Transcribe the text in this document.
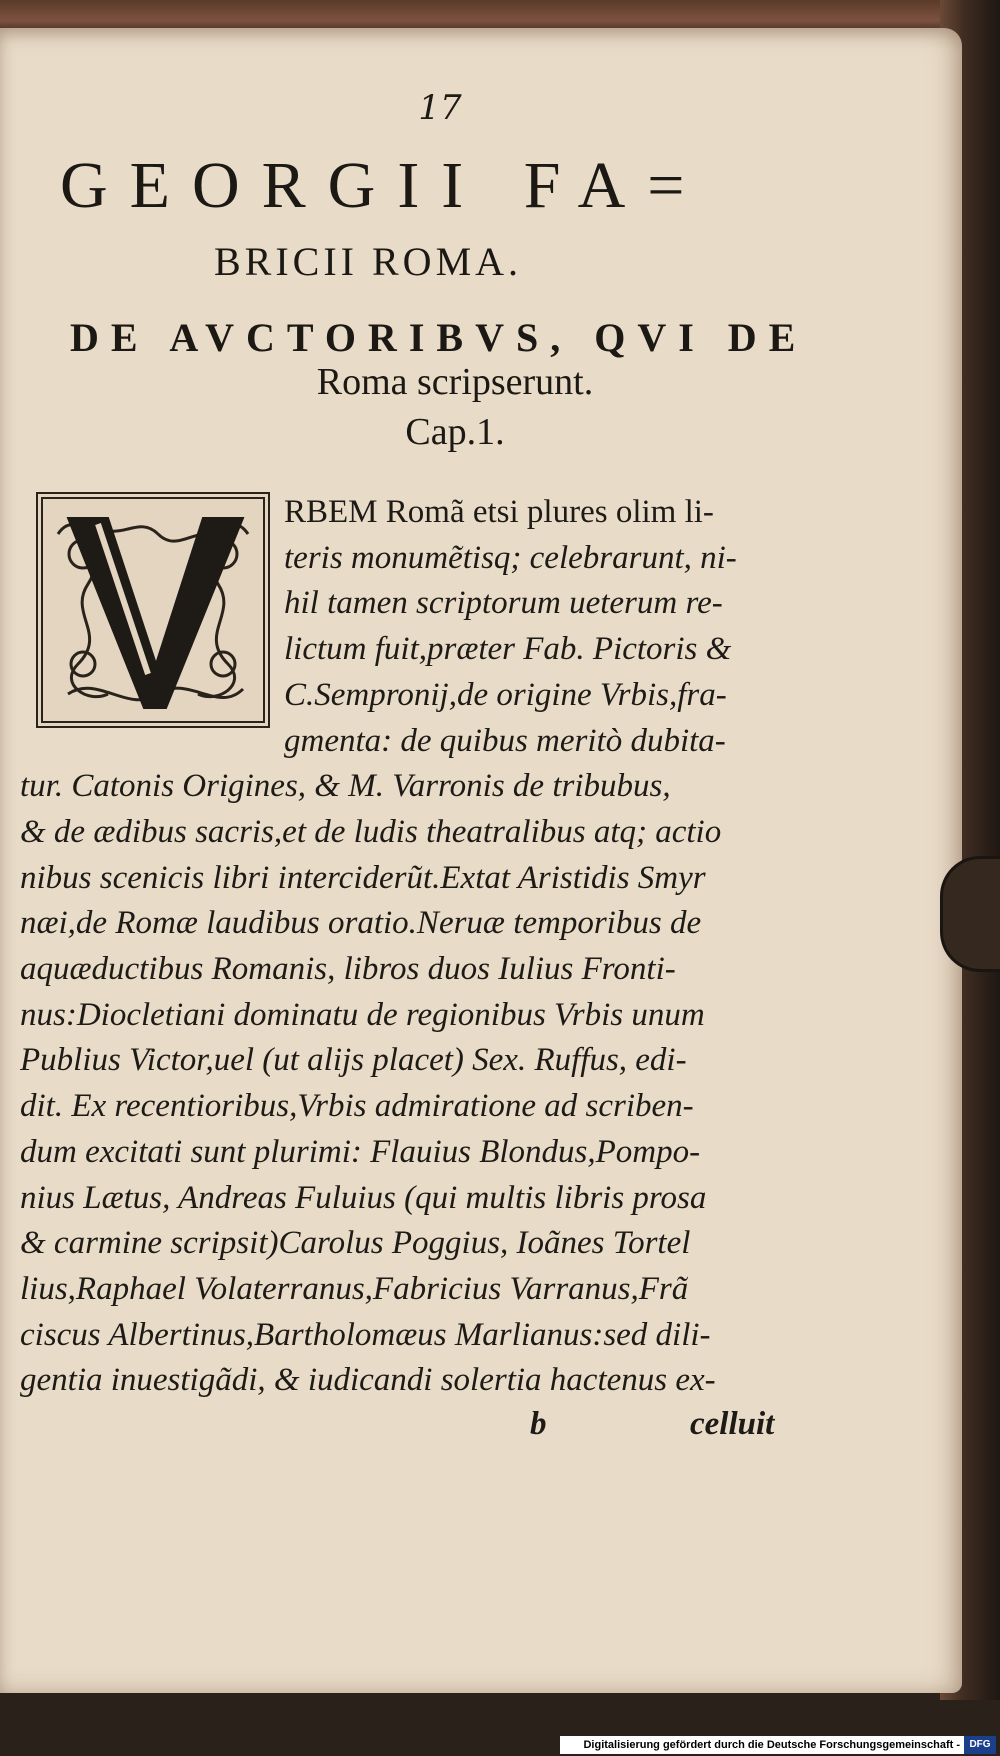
17
GEORGII FA=
BRICII ROMA.
DE AVCTORIBVS, QVI DE
Roma scripserunt.
Cap.1.
RBEM Romã etsi plures olim li-
teris monumẽtisq; celebrarunt, ni-
hil tamen scriptorum ueterum re-
lictum fuit,præter Fab. Pictoris &
C.Sempronij,de origine Vrbis,fra-
gmenta: de quibus meritò dubita-
tur. Catonis Origines, & M. Varronis de tribubus,
& de ædibus sacris,et de ludis theatralibus atq; actio
nibus scenicis libri interciderũt.Extat Aristidis Smyr
næi,de Romæ laudibus oratio.Neruæ temporibus de
aquæductibus Romanis, libros duos Iulius Fronti-
nus:Diocletiani dominatu de regionibus Vrbis unum
Publius Victor,uel (ut alijs placet) Sex. Ruffus, edi-
dit. Ex recentioribus,Vrbis admiratione ad scriben-
dum excitati sunt plurimi: Flauius Blondus,Pompo-
nius Lætus, Andreas Fuluius (qui multis libris prosa
& carmine scripsit)Carolus Poggius, Ioãnes Tortel
lius,Raphael Volaterranus,Fabricius Varranus,Frã
ciscus Albertinus,Bartholomæus Marlianus:sed dili-
gentia inuestigãdi, & iudicandi solertia hactenus ex-
b	celluit
Digitalisierung gefördert durch die Deutsche Forschungsgemeinschaft - DFG
